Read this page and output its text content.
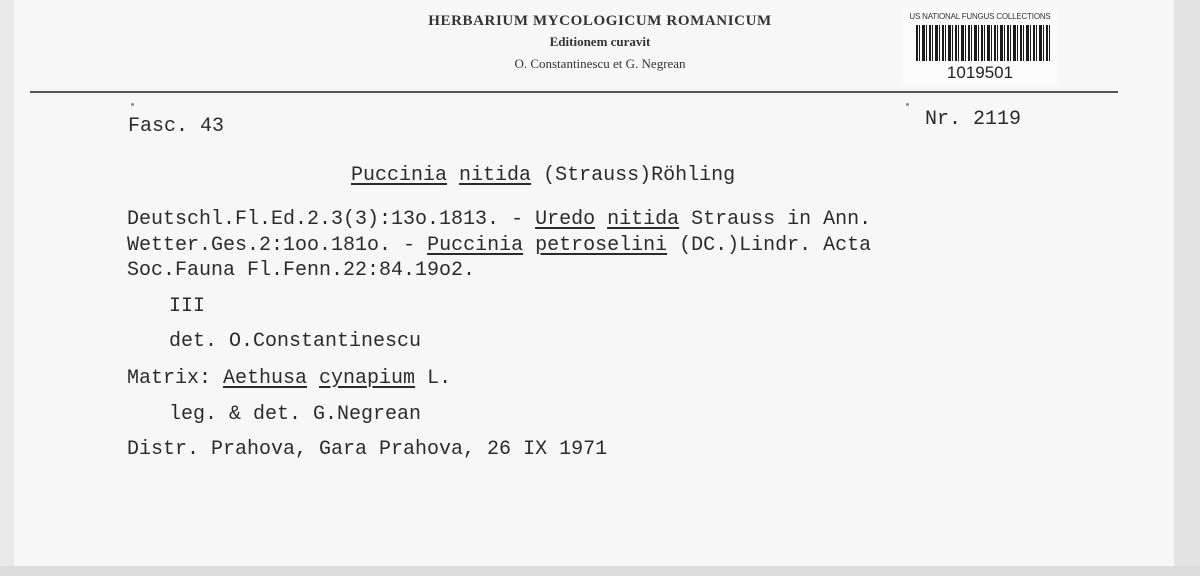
HERBARIUM MYCOLOGICUM ROMANICUM
Editionem curavit
O. Constantinescu et G. Negrean
US NATIONAL FUNGUS COLLECTIONS
1019501
Fasc. 43	Nr. 2119
Puccinia nitida (Strauss)Röhling
Deutschl.Fl.Ed.2.3(3):13o.1813. - Uredo nitida Strauss in Ann.
Wetter.Ges.2:1oo.181o. - Puccinia petroselini (DC.)Lindr. Acta
Soc.Fauna Fl.Fenn.22:84.19o2.
III
det. O.Constantinescu
Matrix: Aethusa cynapium L.
leg. & det. G.Negrean
Distr. Prahova, Gara Prahova, 26 IX 1971
